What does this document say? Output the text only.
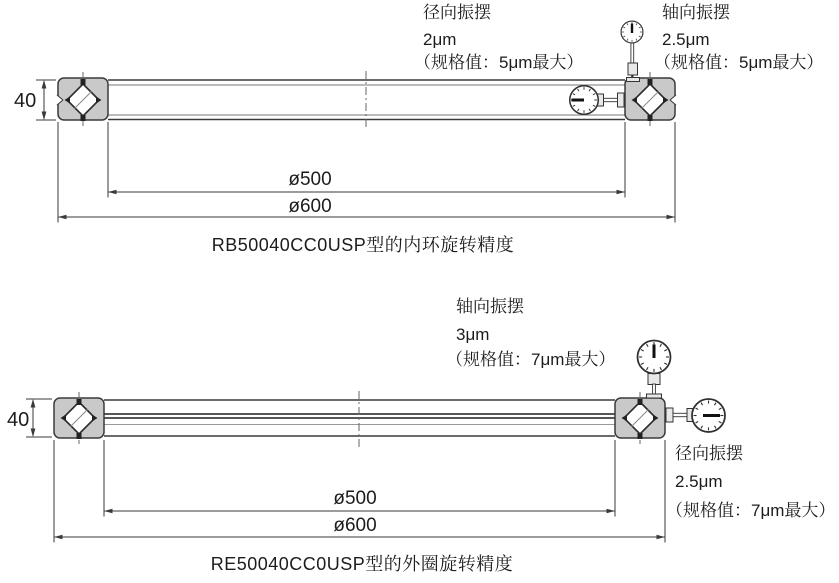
径向振摆
2μm
（规格值：5μm最大）
轴向振摆
2.5μm
（规格值：5μm最大）
40
ø500
ø600
RB50040CC0USP型的内环旋转精度
轴向振摆
3μm
（规格值：7μm最大）
径向振摆
2.5μm
（规格值：7μm最大）
40
ø500
ø600
RE50040CC0USP型的外圈旋转精度
